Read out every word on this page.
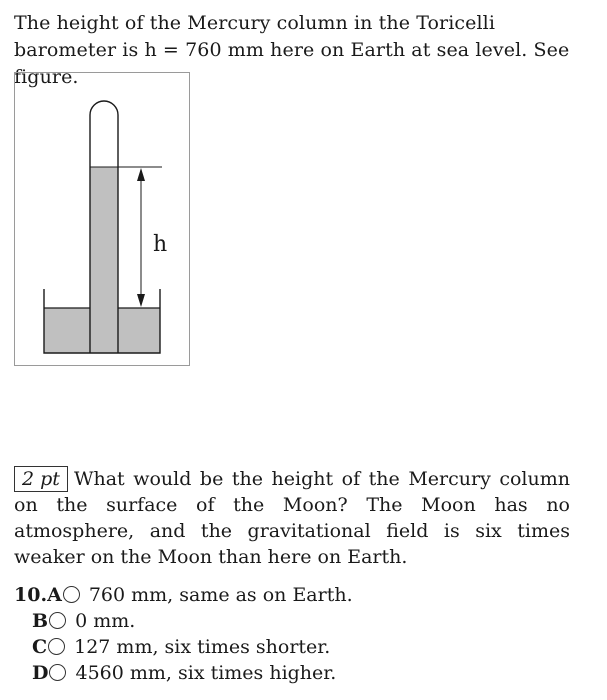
The height of the Mercury column in the Toricelli barometer is h = 760 mm here on Earth at sea level. See figure.
h
2 pt What would be the height of the Mercury column on the surface of the Moon? The Moon has no atmosphere, and the gravitational field is six times weaker on the Moon than here on Earth.
10.A 760 mm, same as on Earth.
B 0 mm.
C 127 mm, six times shorter.
D 4560 mm, six times higher.
